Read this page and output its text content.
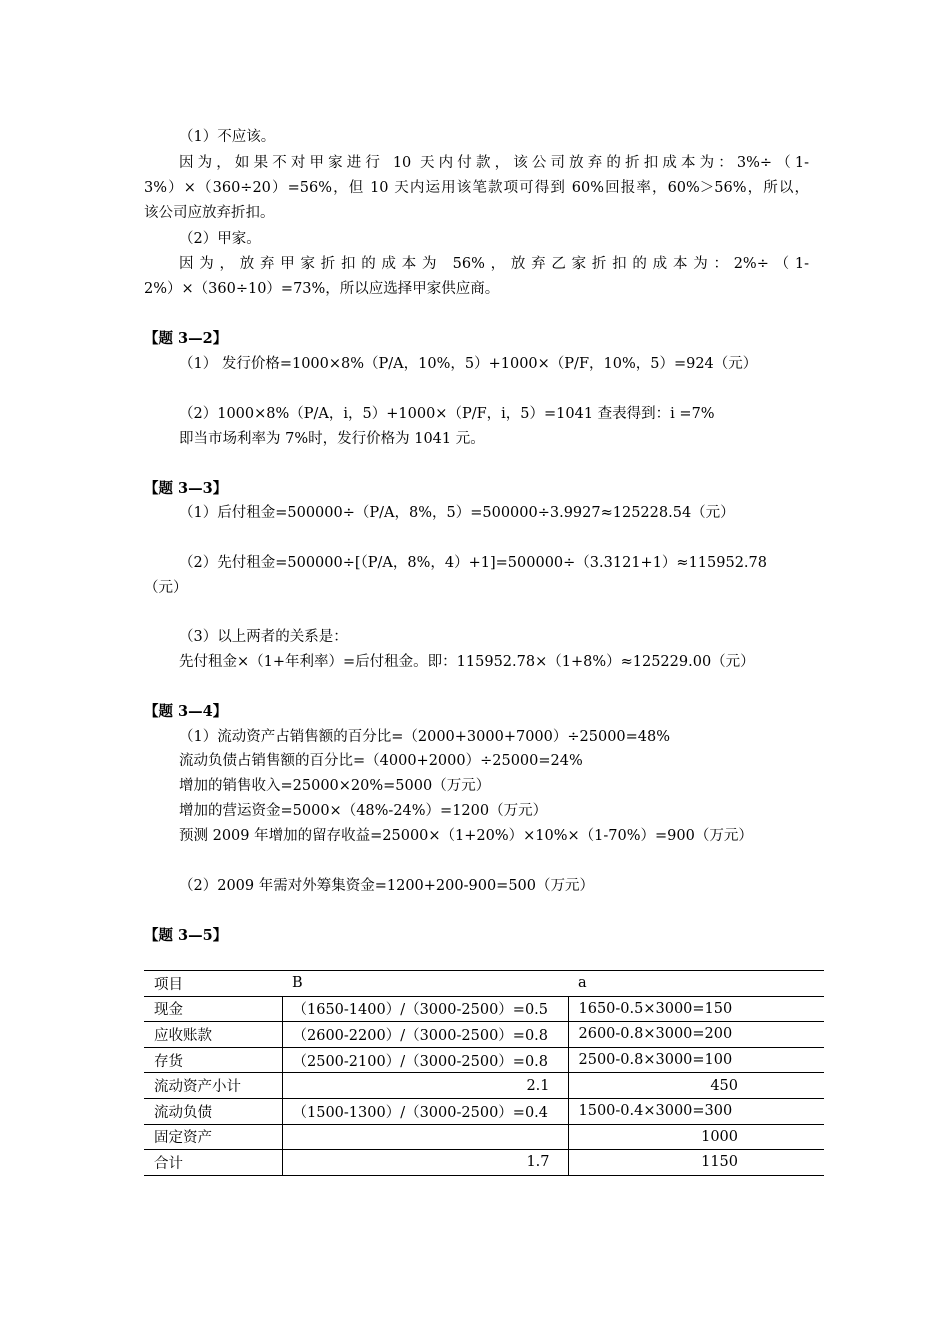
（1）不应该。
因为，如果不对甲家进行 10 天内付款，该公司放弃的折扣成本为：3%÷（1-
3%）×（360÷20）=56%，但 10 天内运用该笔款项可得到 60%回报率，60%＞56%，所以，
该公司应放弃折扣。
（2）甲家。
因为，放弃甲家折扣的成本为 56%，放弃乙家折扣的成本为：2%÷（1-
2%）×（360÷10）=73%，所以应选择甲家供应商。
【题 3—2】
（1） 发行价格=1000×8%（P/A，10%，5）+1000×（P/F，10%，5）=924（元）
（2）1000×8%（P/A，i，5）+1000×（P/F，i，5）=1041 查表得到：i =7%
即当市场利率为 7%时，发行价格为 1041 元。
【题 3—3】
（1）后付租金=500000÷（P/A，8%，5）=500000÷3.9927≈125228.54（元）
（2）先付租金=500000÷[（P/A，8%，4）+1]=500000÷（3.3121+1）≈115952.78
（元）
（3）以上两者的关系是：
先付租金×（1+年利率）=后付租金。即：115952.78×（1+8%）≈125229.00（元）
【题 3—4】
（1）流动资产占销售额的百分比=（2000+3000+7000）÷25000=48%
流动负债占销售额的百分比=（4000+2000）÷25000=24%
增加的销售收入=25000×20%=5000（万元）
增加的营运资金=5000×（48%-24%）=1200（万元）
预测 2009 年增加的留存收益=25000×（1+20%）×10%×（1-70%）=900（万元）
（2）2009 年需对外筹集资金=1200+200-900=500（万元）
【题 3—5】
项目	B	a
现金	（1650-1400）/（3000-2500）=0.5	1650-0.5×3000=150
应收账款	（2600-2200）/（3000-2500）=0.8	2600-0.8×3000=200
存货	（2500-2100）/（3000-2500）=0.8	2500-0.8×3000=100
流动资产小计	2.1	450
流动负债	（1500-1300）/（3000-2500）=0.4	1500-0.4×3000=300
固定资产		1000
合计	1.7	1150
